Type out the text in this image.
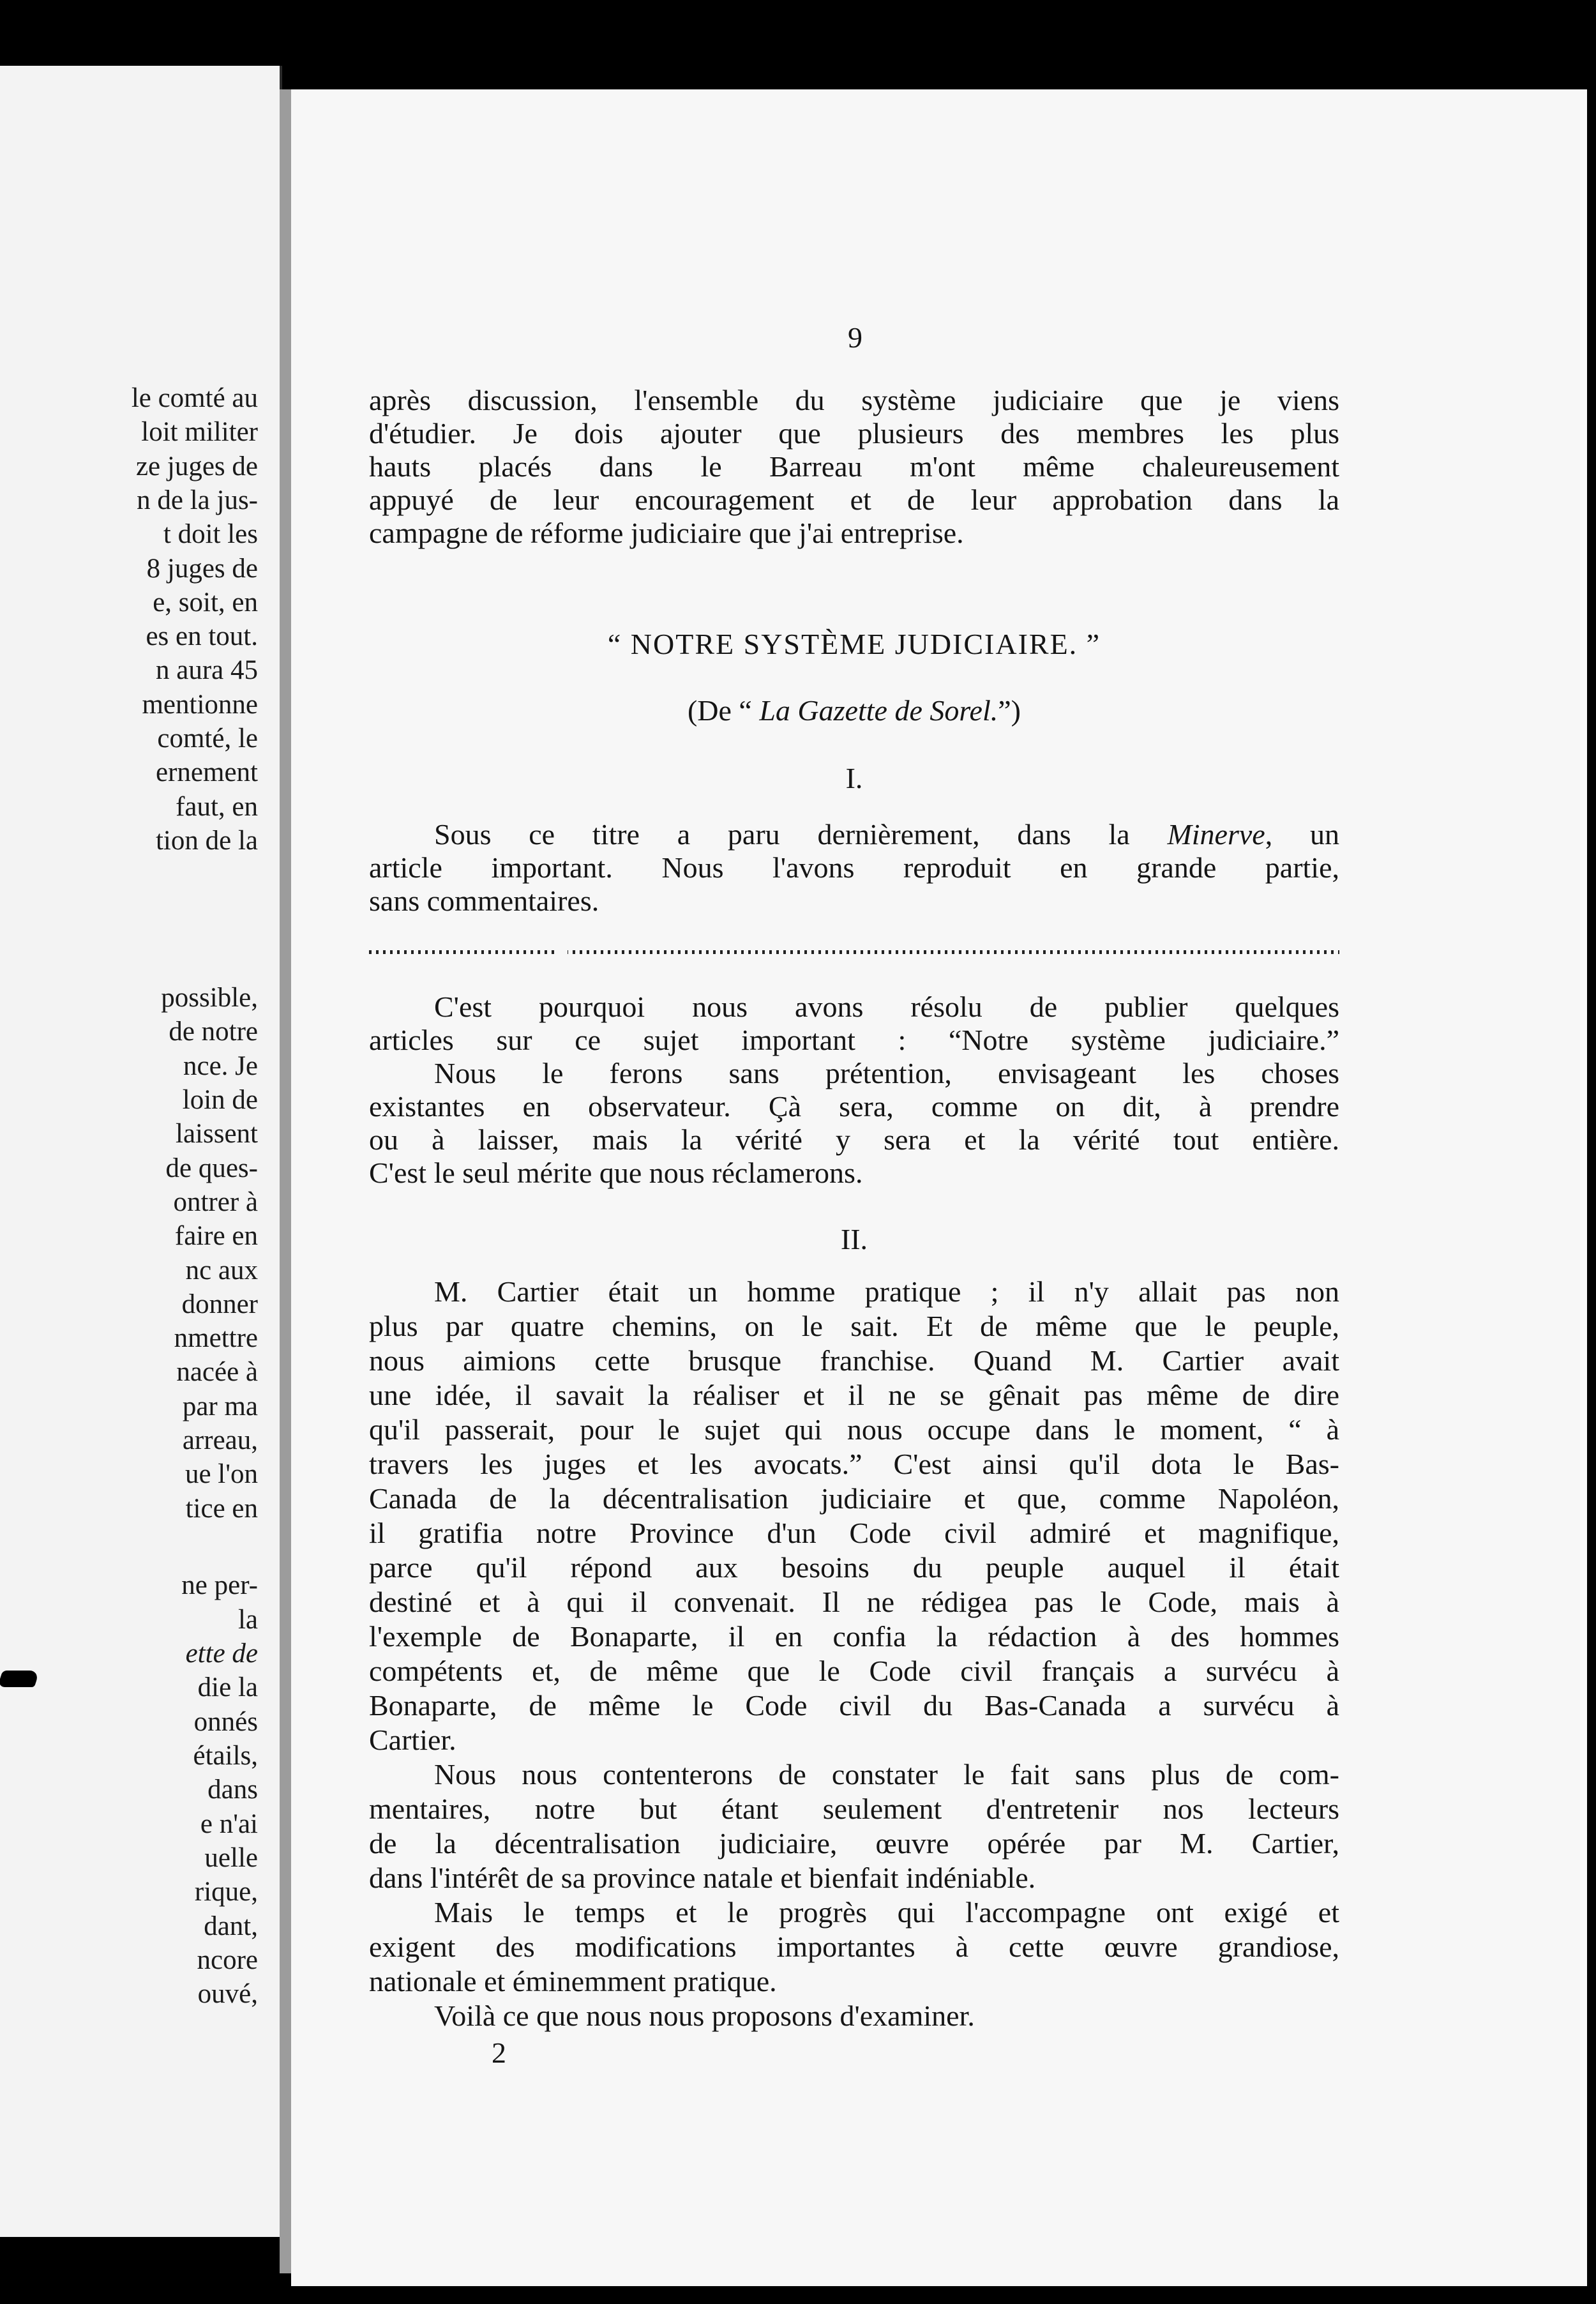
le comté au
loit militer
ze juges de
n de la jus-
t doit les
8 juges de
e, soit, en
es en tout.
n aura 45
mentionne
comté, le
ernement
faut, en
tion de la
possible,
de notre
nce. Je
loin de
laissent
de ques-
ontrer à
faire en
nc aux
donner
nmettre
nacée à
par ma
arreau,
ue l'on
tice en
ne per-
la
ette de
die la
onnés
étails,
dans
e n'ai
uelle
rique,
dant,
ncore
ouvé,
9
après discussion, l'ensemble du système judiciaire que je viens
d'étudier. Je dois ajouter que plusieurs des membres les plus
hauts placés dans le Barreau m'ont même chaleureusement
appuyé de leur encouragement et de leur approbation dans la
campagne de réforme judiciaire que j'ai entreprise.
“ NOTRE SYSTÈME JUDICIAIRE. ”
(De “ La Gazette de Sorel.”)
I.
Sous ce titre a paru dernièrement, dans la Minerve, un
article important. Nous l'avons reproduit en grande partie,
sans commentaires.
C'est pourquoi nous avons résolu de publier quelques
articles sur ce sujet important : “Notre système judiciaire.”
Nous le ferons sans prétention, envisageant les choses
existantes en observateur. Çà sera, comme on dit, à prendre
ou à laisser, mais la vérité y sera et la vérité tout entière.
C'est le seul mérite que nous réclamerons.
II.
M. Cartier était un homme pratique ; il n'y allait pas non
plus par quatre chemins, on le sait. Et de même que le peuple,
nous aimions cette brusque franchise. Quand M. Cartier avait
une idée, il savait la réaliser et il ne se gênait pas même de dire
qu'il passerait, pour le sujet qui nous occupe dans le moment, “ à
travers les juges et les avocats.” C'est ainsi qu'il dota le Bas-
Canada de la décentralisation judiciaire et que, comme Napoléon,
il gratifia notre Province d'un Code civil admiré et magnifique,
parce qu'il répond aux besoins du peuple auquel il était
destiné et à qui il convenait. Il ne rédigea pas le Code, mais à
l'exemple de Bonaparte, il en confia la rédaction à des hommes
compétents et, de même que le Code civil français a survécu à
Bonaparte, de même le Code civil du Bas-Canada a survécu à
Cartier.
Nous nous contenterons de constater le fait sans plus de com-
mentaires, notre but étant seulement d'entretenir nos lecteurs
de la décentralisation judiciaire, œuvre opérée par M. Cartier,
dans l'intérêt de sa province natale et bienfait indéniable.
Mais le temps et le progrès qui l'accompagne ont exigé et
exigent des modifications importantes à cette œuvre grandiose,
nationale et éminemment pratique.
Voilà ce que nous nous proposons d'examiner.
2
